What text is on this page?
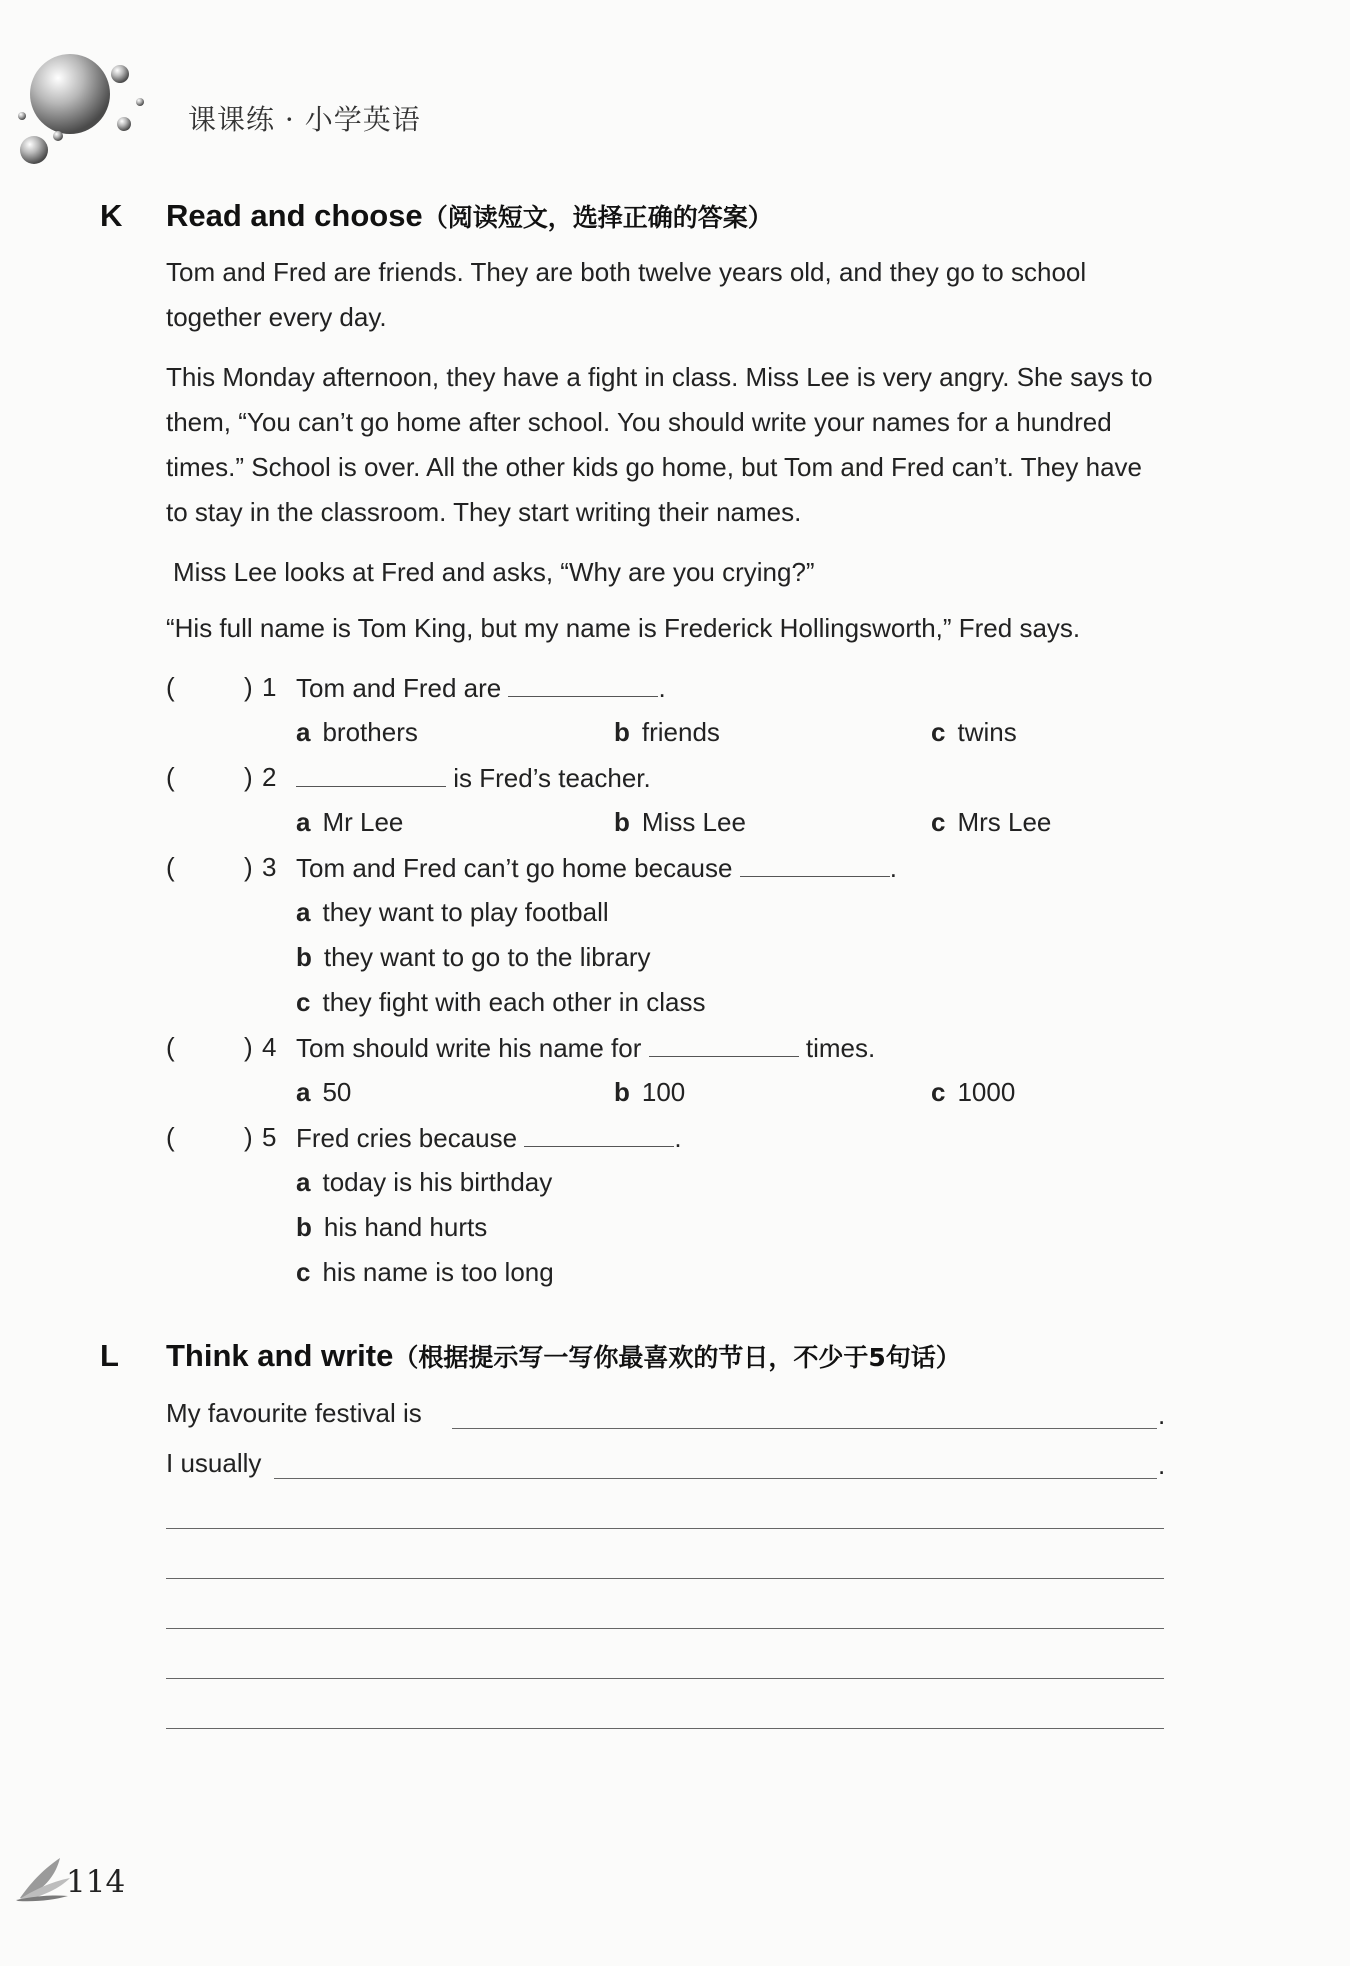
课课练 · 小学英语
K Read and choose（阅读短文，选择正确的答案）

Tom and Fred are friends. They are both twelve years old, and they go to school together every day.

This Monday afternoon, they have a fight in class. Miss Lee is very angry. She says to them, “You can’t go home after school. You should write your names for a hundred times.” School is over. All the other kids go home, but Tom and Fred can’t. They have to stay in the classroom. They start writing their names.

Miss Lee looks at Fred and asks, “Why are you crying?”

“His full name is Tom King, but my name is Frederick Hollingsworth,” Fred says.

(	) 1 Tom and Fred are	.
a brothers	b friends	c twins
(	) 2	is Fred’s teacher.
a Mr Lee	b Miss Lee	c Mrs Lee
(	) 3 Tom and Fred can’t go home because	.
a they want to play football
b they want to go to the library
c they fight with each other in class
(	) 4 Tom should write his name for	times.
a 50	b 100	c 1000
(	) 5 Fred cries because	.
a today is his birthday
b his hand hurts
c his name is too long
L Think and write（根据提示写一写你最喜欢的节日，不少于5句话）
My favourite festival is	.
I usually	.
114
